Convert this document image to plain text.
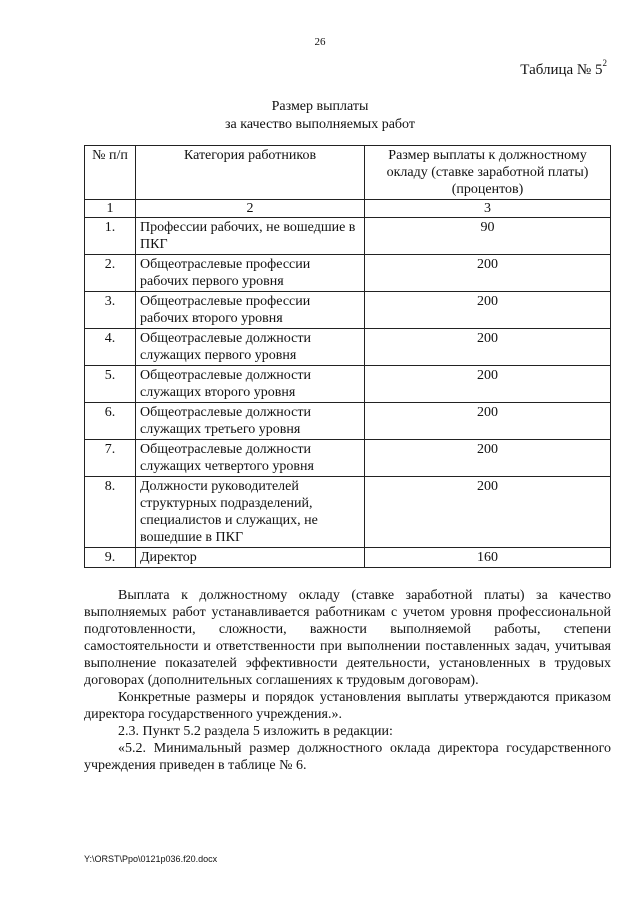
26
Таблица № $5^2$
Размер выплаты
за качество выполняемых работ
№ п/п	Категория работников	Размер выплаты к должностному окладу (ставке заработной платы) (процентов)
1	2	3
1.	Профессии рабочих, не вошедшие в ПКГ	90
2.	Общеотраслевые профессии рабочих первого уровня	200
3.	Общеотраслевые профессии рабочих второго уровня	200
4.	Общеотраслевые должности служащих первого уровня	200
5.	Общеотраслевые должности служащих второго уровня	200
6.	Общеотраслевые должности служащих третьего уровня	200
7.	Общеотраслевые должности служащих четвертого уровня	200
8.	Должности руководителей структурных подразделений, специалистов и служащих, не вошедшие в ПКГ	200
9.	Директор	160

Выплата к должностному окладу (ставке заработной платы) за качество выполняемых работ устанавливается работникам с учетом уровня профессиональной подготовленности, сложности, важности выполняемой работы, степени самостоятельности и ответственности при выполнении поставленных задач, учитывая выполнение показателей эффективности деятельности, установленных в трудовых договорах (дополнительных соглашениях к трудовым договорам).

Конкретные размеры и порядок установления выплаты утверждаются приказом директора государственного учреждения.».

2.3. Пункт 5.2 раздела 5 изложить в редакции:

«5.2. Минимальный размер должностного оклада директора государственного учреждения приведен в таблице № 6.

Y:\ORST\Ppo\0121p036.f20.docx
